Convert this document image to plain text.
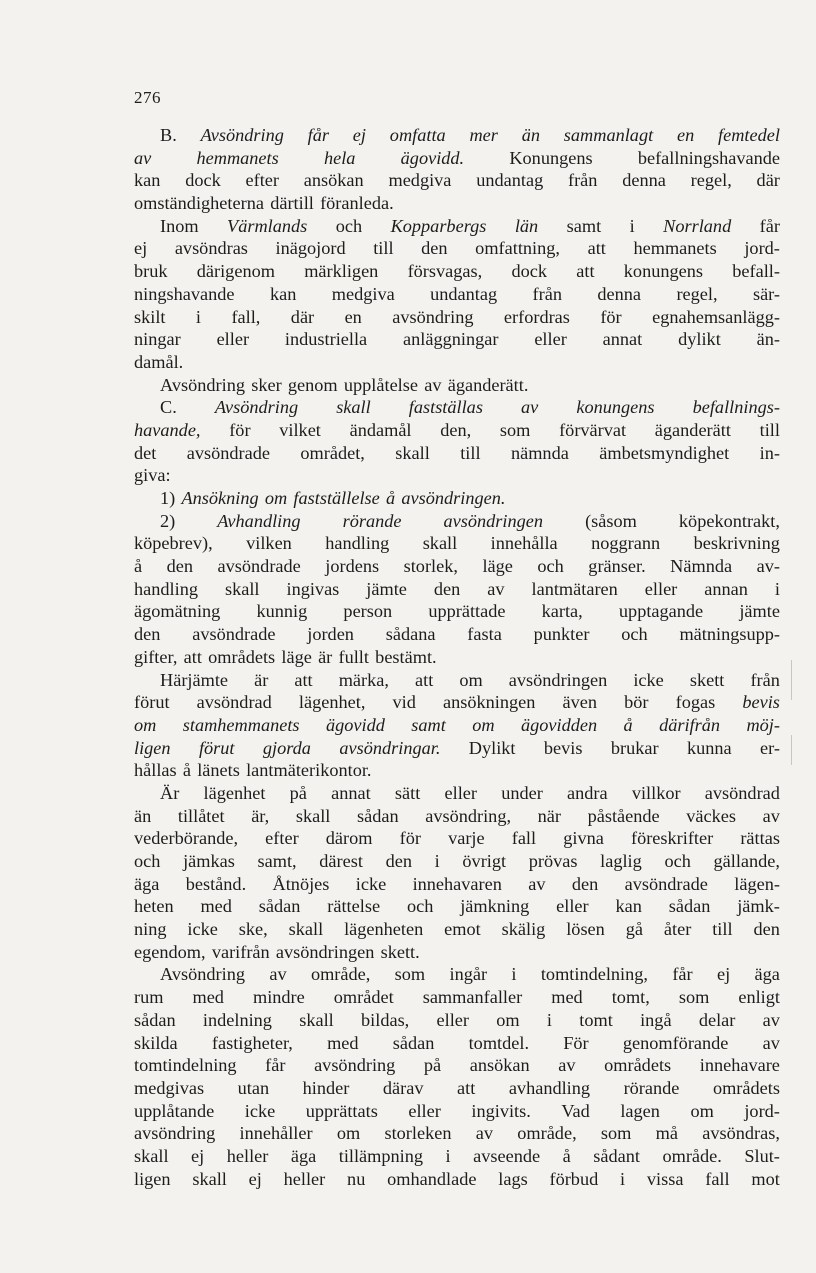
276
B. Avsöndring får ej omfatta mer än sammanlagt en femtedel
av hemmanets hela ägovidd. Konungens befallningshavande
kan dock efter ansökan medgiva undantag från denna regel, där
omständigheterna därtill föranleda.
Inom Värmlands och Kopparbergs län samt i Norrland får
ej avsöndras inägojord till den omfattning, att hemmanets jord-
bruk därigenom märkligen försvagas, dock att konungens befall-
ningshavande kan medgiva undantag från denna regel, sär-
skilt i fall, där en avsöndring erfordras för egnahemsanlägg-
ningar eller industriella anläggningar eller annat dylikt än-
damål.
Avsöndring sker genom upplåtelse av äganderätt.
C. Avsöndring skall fastställas av konungens befallnings-
havande, för vilket ändamål den, som förvärvat äganderätt till
det avsöndrade området, skall till nämnda ämbetsmyndighet in-
giva:
1) Ansökning om fastställelse å avsöndringen.
2) Avhandling rörande avsöndringen (såsom köpekontrakt,
köpebrev), vilken handling skall innehålla noggrann beskrivning
å den avsöndrade jordens storlek, läge och gränser. Nämnda av-
handling skall ingivas jämte den av lantmätaren eller annan i
ägomätning kunnig person upprättade karta, upptagande jämte
den avsöndrade jorden sådana fasta punkter och mätningsupp-
gifter, att områdets läge är fullt bestämt.
Härjämte är att märka, att om avsöndringen icke skett från
förut avsöndrad lägenhet, vid ansökningen även bör fogas bevis
om stamhemmanets ägovidd samt om ägovidden å därifrån möj-
ligen förut gjorda avsöndringar. Dylikt bevis brukar kunna er-
hållas å länets lantmäterikontor.
Är lägenhet på annat sätt eller under andra villkor avsöndrad
än tillåtet är, skall sådan avsöndring, när påstående väckes av
vederbörande, efter därom för varje fall givna föreskrifter rättas
och jämkas samt, därest den i övrigt prövas laglig och gällande,
äga bestånd. Åtnöjes icke innehavaren av den avsöndrade lägen-
heten med sådan rättelse och jämkning eller kan sådan jämk-
ning icke ske, skall lägenheten emot skälig lösen gå åter till den
egendom, varifrån avsöndringen skett.
Avsöndring av område, som ingår i tomtindelning, får ej äga
rum med mindre området sammanfaller med tomt, som enligt
sådan indelning skall bildas, eller om i tomt ingå delar av
skilda fastigheter, med sådan tomtdel. För genomförande av
tomtindelning får avsöndring på ansökan av områdets innehavare
medgivas utan hinder därav att avhandling rörande områdets
upplåtande icke upprättats eller ingivits. Vad lagen om jord-
avsöndring innehåller om storleken av område, som må avsöndras,
skall ej heller äga tillämpning i avseende å sådant område. Slut-
ligen skall ej heller nu omhandlade lags förbud i vissa fall mot
